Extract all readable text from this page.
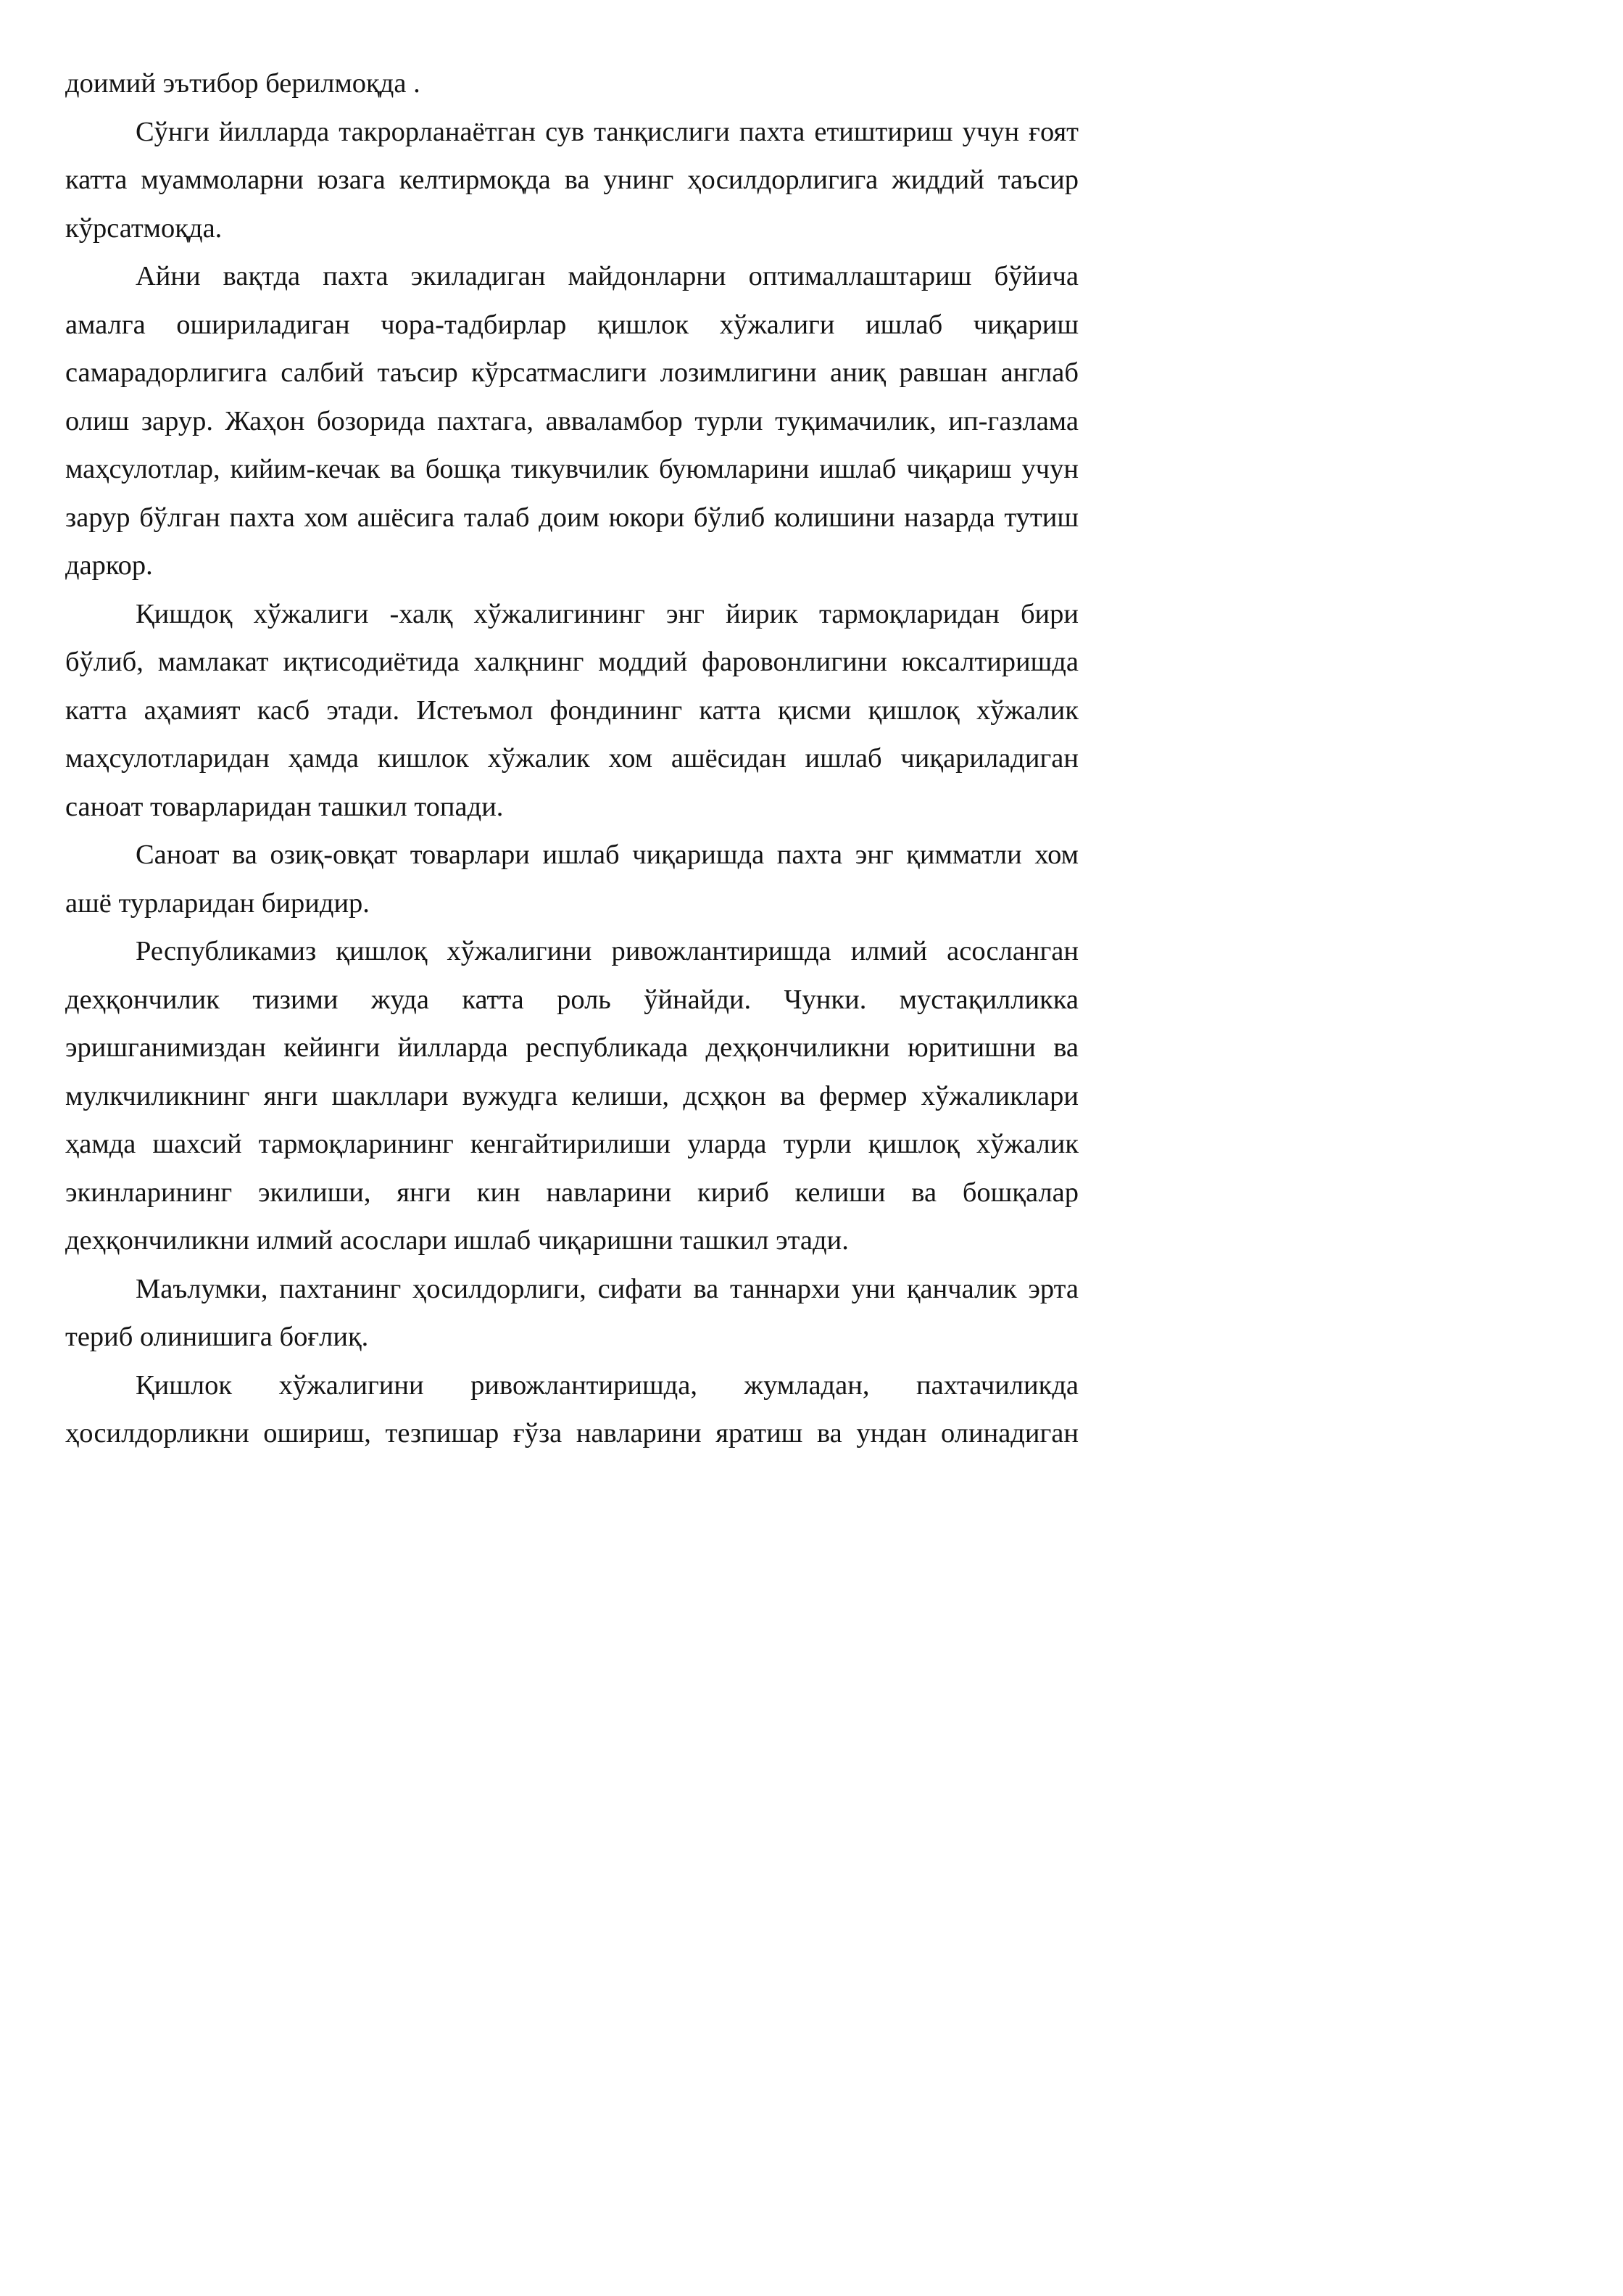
доимий эътибор берилмоқда .
Сўнги йилларда такрорланаётган сув танқислиги пахта етиштириш учун ғоят
катта муаммоларни юзага келтирмоқда ва унинг ҳосилдорлигига жиддий таъсир
кўрсатмоқда.
Айни вақтда пахта экиладиган майдонларни оптималлаштариш бўйича
амалга ошириладиган чора-тадбирлар қишлок хўжалиги ишлаб чиқариш
самарадорлигига салбий таъсир кўрсатмаслиги лозимлигини аниқ равшан англаб
олиш зарур. Жаҳон бозорида пахтага, авваламбор турли туқимачилик, ип-газлама
маҳсулотлар, кийим-кечак ва бошқа тикувчилик буюмларини ишлаб чиқариш учун
зарур бўлган пахта хом ашёсига талаб доим юкори бўлиб колишини назарда тутиш
даркор.
Қишдоқ хўжалиги -халқ хўжалигининг энг йирик тармоқларидан бири
бўлиб, мамлакат иқтисодиётида халқнинг моддий фаровонлигини юксалтиришда
катта аҳамият касб этади. Истеъмол фондининг катта қисми қишлоқ хўжалик
маҳсулотларидан ҳамда кишлок хўжалик хом ашёсидан ишлаб чиқариладиган
саноат товарларидан ташкил топади.
Саноат ва озиқ-овқат товарлари ишлаб чиқаришда пахта энг қимматли хом
ашё турларидан биридир.
Республикамиз қишлоқ хўжалигини ривожлантиришда илмий асосланган
деҳқончилик тизими жуда катта роль ўйнайди. Чунки. мустақилликка
эришганимиздан кейинги йилларда республикада деҳқончиликни юритишни ва
мулкчиликнинг янги шакллари вужудга келиши, дсҳқон ва фермер хўжаликлари
ҳамда шахсий тармоқларининг кенгайтирилиши уларда турли қишлоқ хўжалик
экинларининг экилиши, янги кин навларини кириб келиши ва бошқалар
деҳқончиликни илмий асослари ишлаб чиқаришни ташкил этади.
Маълумки, пахтанинг ҳосилдорлиги, сифати ва таннархи уни қанчалик эрта
териб олинишига боғлиқ.
Қишлок хўжалигини ривожлантиришда, жумладан, пахтачиликда
ҳосилдорликни ошириш, тезпишар ғўза навларини яратиш ва ундан олинадиган
